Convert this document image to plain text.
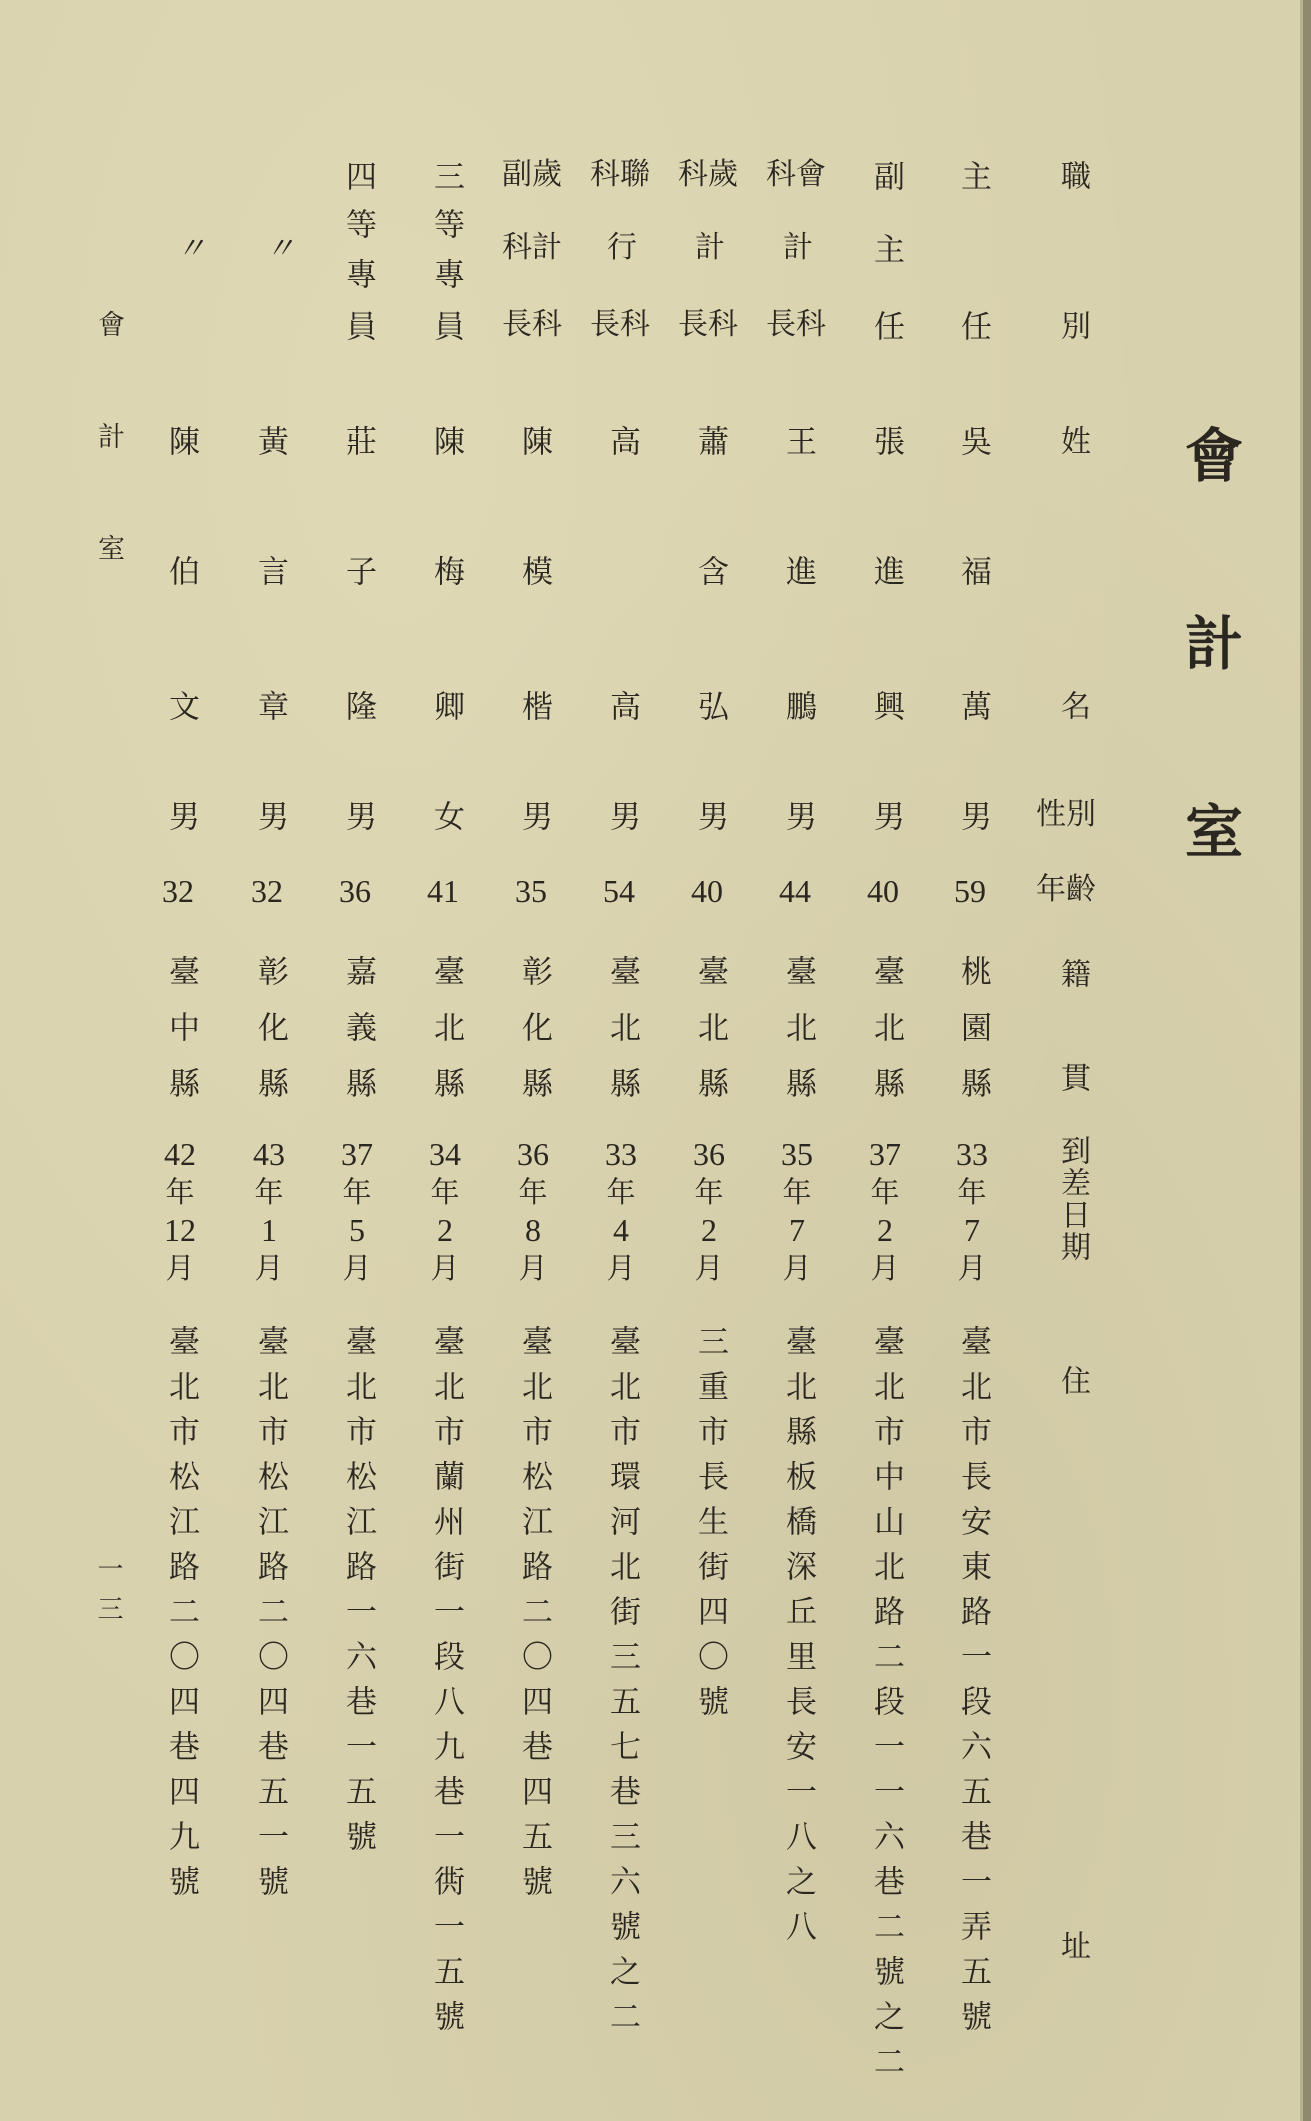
會計室
職
別
姓
名
性別
年齡
籍
貫
到差日期
住
址
主
任
吳
福
萬
男
59
桃園縣
33
年
7
月
臺北市長安東路一段六五巷一弄五號
副
主
任
張
進
興
男
40
臺北縣
37
年
2
月
臺北市中山北路二段一一六巷二號之二
科會
計
長科
王
進
鵬
男
44
臺北縣
35
年
7
月
臺北縣板橋深丘里長安一八之八
科歲
計
長科
蕭
含
弘
男
40
臺北縣
36
年
2
月
三重市長生街四〇號
科聯
行
長科
高
高
男
54
臺北縣
33
年
4
月
臺北市環河北街三五七巷三六號之二
副歲
科計
長科
陳
模
楷
男
35
彰化縣
36
年
8
月
臺北市松江路二〇四巷四五號
三
等
專
員
陳
梅
卿
女
41
臺北縣
34
年
2
月
臺北市蘭州街一段八九巷一衖一五號
四
等
專
員
莊
子
隆
男
36
嘉義縣
37
年
5
月
臺北市松江路一六巷一五號
〃
黃
言
章
男
32
彰化縣
43
年
1
月
臺北市松江路二〇四巷五一號
〃
陳
伯
文
男
32
臺中縣
42
年
12
月
臺北市松江路二〇四巷四九號
會計室
一三
